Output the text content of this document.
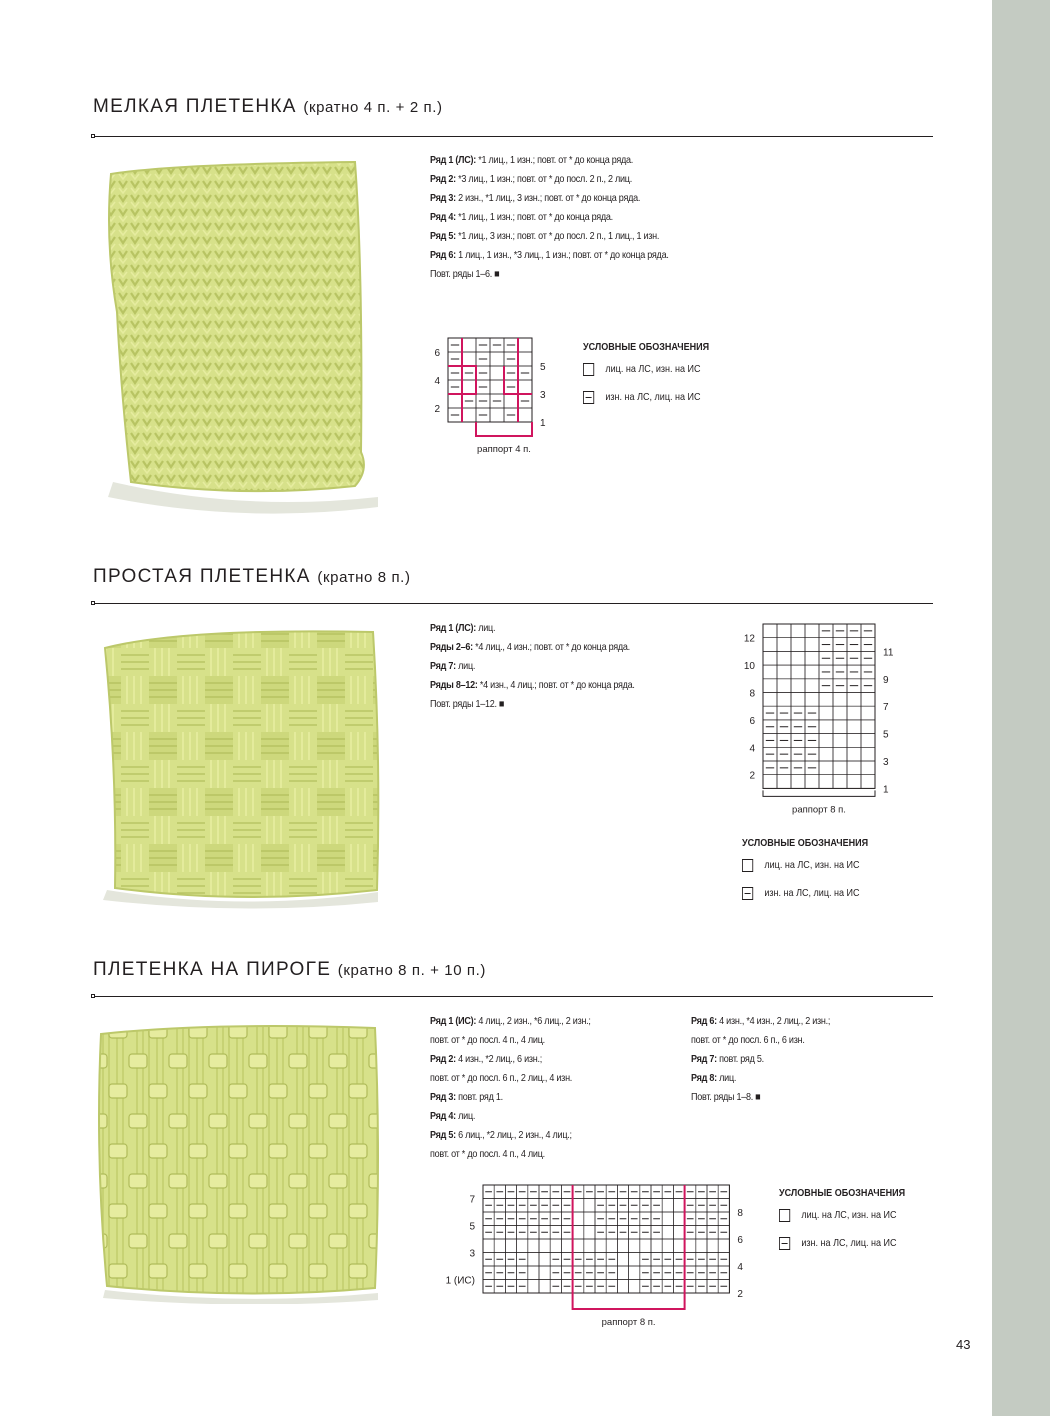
МЕЛКАЯ ПЛЕТЕНКА (кратно 4 п. + 2 п.)

Ряд 1 (ЛС): *1 лиц., 1 изн.; повт. от * до конца ряда.

Ряд 2: *3 лиц., 1 изн.; повт. от * до посл. 2 п., 2 лиц.

Ряд 3: 2 изн., *1 лиц., 3 изн.; повт. от * до конца ряда.

Ряд 4: *1 лиц., 1 изн.; повт. от * до конца ряда.

Ряд 5: *1 лиц., 3 изн.; повт. от * до посл. 2 п., 1 лиц., 1 изн.

Ряд 6: 1 лиц., 1 изн., *3 лиц., 1 изн.; повт. от * до конца ряда.

Повт. ряды 1–6. ■

6
4
2
5
3
1
раппорт 4 п.
УСЛОВНЫЕ ОБОЗНАЧЕНИЯ
лиц. на ЛС, изн. на ИС
изн. на ЛС, лиц. на ИС
ПРОСТАЯ ПЛЕТЕНКА (кратно 8 п.)

Ряд 1 (ЛС): лиц.

Ряды 2–6: *4 лиц., 4 изн.; повт. от * до конца ряда.

Ряд 7: лиц.

Ряды 8–12: *4 изн., 4 лиц.; повт. от * до конца ряда.

Повт. ряды 1–12. ■

12
10
8
6
4
2
11
9
7
5
3
1
раппорт 8 п.
УСЛОВНЫЕ ОБОЗНАЧЕНИЯ
лиц. на ЛС, изн. на ИС
изн. на ЛС, лиц. на ИС
ПЛЕТЕНКА НА ПИРОГЕ (кратно 8 п. + 10 п.)

Ряд 1 (ИС): 4 лиц., 2 изн., *6 лиц., 2 изн.;

повт. от * до посл. 4 п., 4 лиц.

Ряд 2: 4 изн., *2 лиц., 6 изн.;

повт. от * до посл. 6 п., 2 лиц., 4 изн.

Ряд 3: повт. ряд 1.

Ряд 4: лиц.

Ряд 5: 6 лиц., *2 лиц., 2 изн., 4 лиц.;

повт. от * до посл. 4 п., 4 лиц.

Ряд 6: 4 изн., *4 изн., 2 лиц., 2 изн.;

повт. от * до посл. 6 п., 6 изн.

Ряд 7: повт. ряд 5.

Ряд 8: лиц.

Повт. ряды 1–8. ■

7
5
3
1 (ИС)
8
6
4
2
раппорт 8 п.
УСЛОВНЫЕ ОБОЗНАЧЕНИЯ
лиц. на ЛС, изн. на ИС
изн. на ЛС, лиц. на ИС
43
